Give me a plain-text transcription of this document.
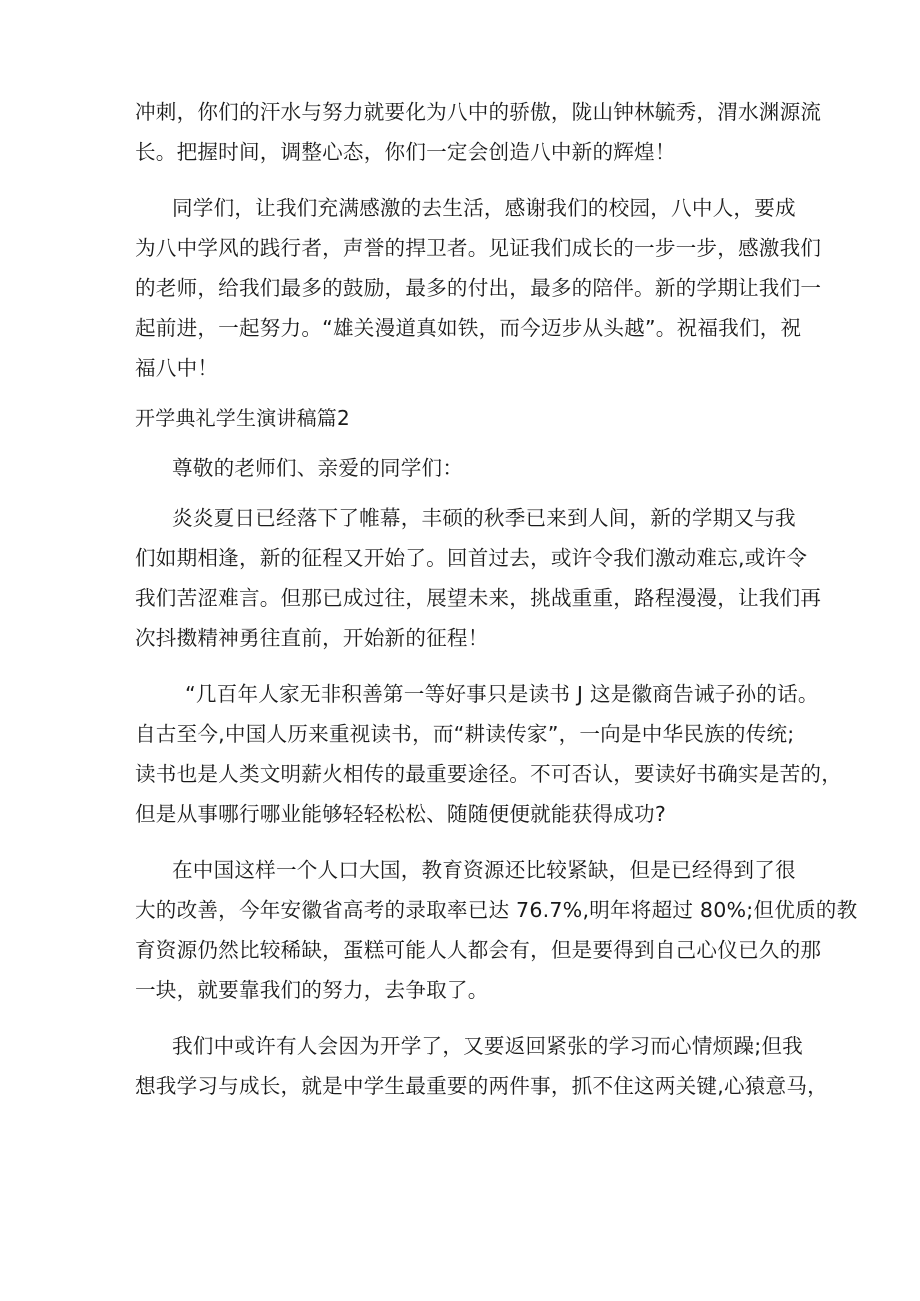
冲刺，你们的汗水与努力就要化为八中的骄傲，陇山钟林毓秀，渭水渊源流
长。把握时间，调整心态，你们一定会创造八中新的辉煌！
同学们，让我们充满感激的去生活，感谢我们的校园，八中人，要成
为八中学风的践行者，声誉的捍卫者。见证我们成长的一步一步，感激我们
的老师，给我们最多的鼓励，最多的付出，最多的陪伴。新的学期让我们一
起前进，一起努力。“雄关漫道真如铁，而今迈步从头越”。祝福我们，祝
福八中！
开学典礼学生演讲稿篇2
尊敬的老师们、亲爱的同学们：
炎炎夏日已经落下了帷幕，丰硕的秋季已来到人间，新的学期又与我
们如期相逢，新的征程又开始了。回首过去，或许令我们激动难忘,或许令
我们苦涩难言。但那已成过往，展望未来，挑战重重，路程漫漫，让我们再
次抖擞精神勇往直前，开始新的征程！
“几百年人家无非积善第一等好事只是读书 J 这是徽商告诫子孙的话。
自古至今,中国人历来重视读书，而“耕读传家”，一向是中华民族的传统;
读书也是人类文明薪火相传的最重要途径。不可否认，要读好书确实是苦的，
但是从事哪行哪业能够轻轻松松、随随便便就能获得成功?
在中国这样一个人口大国，教育资源还比较紧缺，但是已经得到了很
大的改善，今年安徽省高考的录取率已达 76.7%,明年将超过 80%;但优质的教
育资源仍然比较稀缺，蛋糕可能人人都会有，但是要得到自己心仪已久的那
一块，就要靠我们的努力，去争取了。
我们中或许有人会因为开学了，又要返回紧张的学习而心情烦躁;但我
想我学习与成长，就是中学生最重要的两件事，抓不住这两关键,心猿意马，
